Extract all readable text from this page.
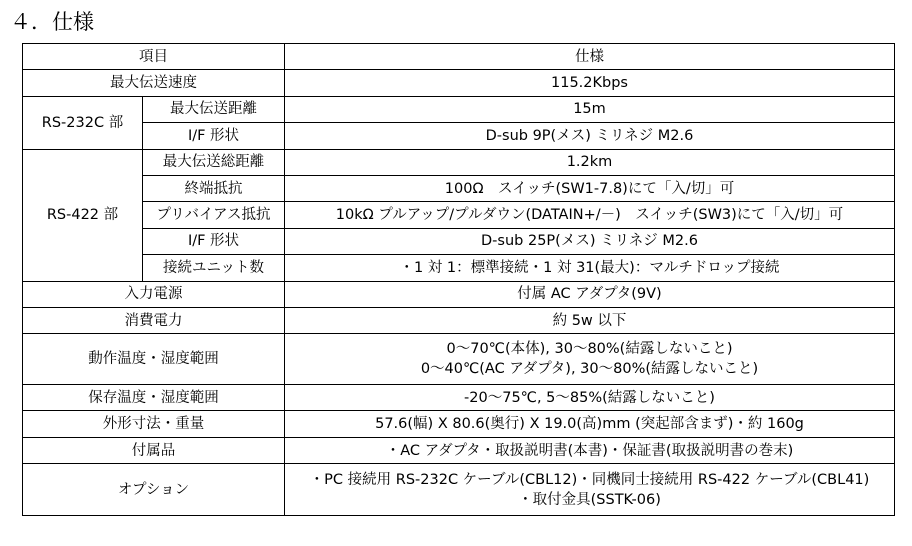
４．仕様
項目		仕様
最大伝送速度		115.2Kbps
RS-232C 部	最大伝送距離	15m
	I/F 形状	D-sub 9P(メス) ミリネジ M2.6
RS-422 部	最大伝送総距離	1.2km
	終端抵抗	100Ω　スイッチ(SW1-7.8)にて「入/切」可
	プリバイアス抵抗	10kΩ プルアップ/プルダウン(DATAIN+/－)　スイッチ(SW3)にて「入/切」可
	I/F 形状	D-sub 25P(メス) ミリネジ M2.6
	接続ユニット数	・1 対 1：標準接続・1 対 31(最大)：マルチドロップ接続
入力電源		付属 AC アダプタ(9V)
消費電力		約 5w 以下
動作温度・湿度範囲		0～70℃(本体), 30～80%(結露しないこと)
0～40℃(AC アダプタ), 30～80%(結露しないこと)

保存温度・湿度範囲		-20～75℃, 5～85%(結露しないこと)
外形寸法・重量		57.6(幅) X 80.6(奥行) X 19.0(高)mm (突起部含まず)・約 160g
付属品		・AC アダプタ・取扱説明書(本書)・保証書(取扱説明書の巻末)
オプション		・PC 接続用 RS-232C ケーブル(CBL12)・同機同士接続用 RS-422 ケーブル(CBL41)
・取付金具(SSTK-06)
